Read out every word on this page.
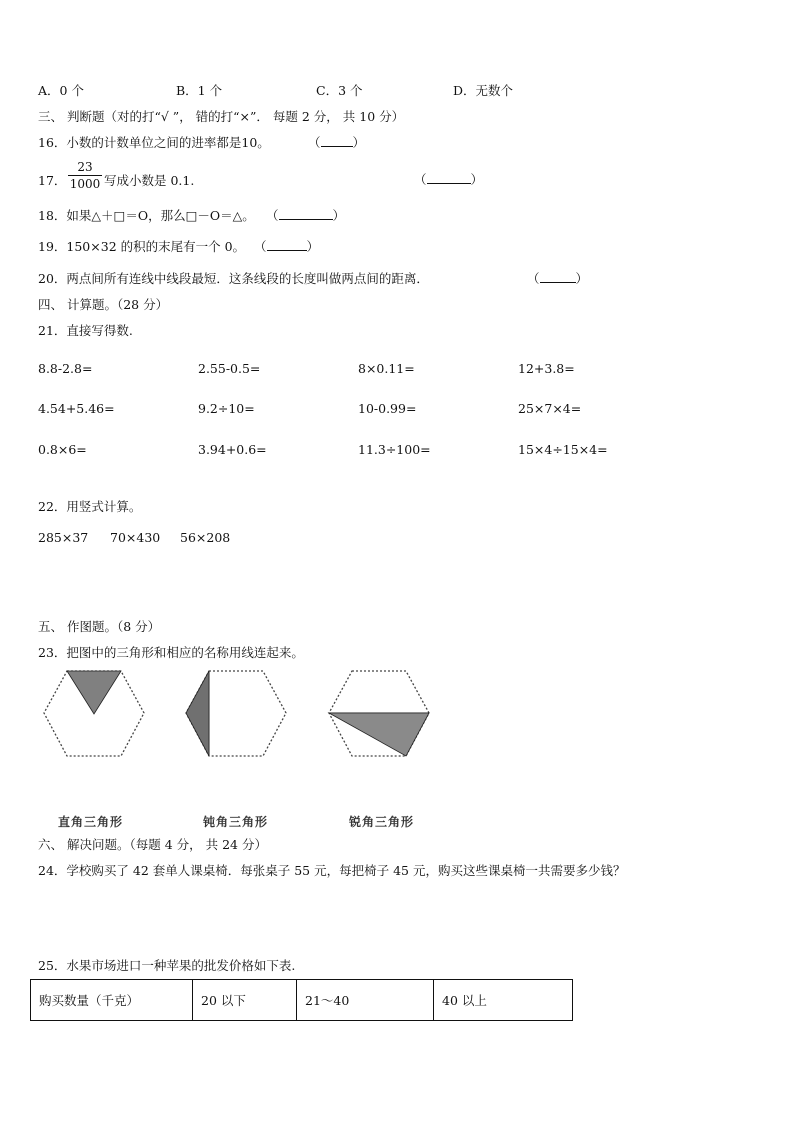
A．0 个	B．1 个	C．3 个	D．无数个
三、 判断题（对的打“√ ”， 错的打“×”． 每题 2 分， 共 10 分）
16．小数的计数单位之间的进率都是10。	（	）
17．
23
1000 写成小数是 0.1.	（	）
18．如果△＋□＝O，那么□－O＝△。 （	）
19．150×32 的积的末尾有一个 0。 （	）
20．两点间所有连线中线段最短．这条线段的长度叫做两点间的距离．	（	）
四、 计算题。（28 分）
21．直接写得数.
8.8-2.8=	2.55-0.5=	8×0.11=	12+3.8=
4.54+5.46=	9.2÷10=	10-0.99=	25×7×4=
0.8×6=	3.94+0.6=	11.3÷100=	15×4÷15×4=
22．用竖式计算。
285×37 70×430 56×208
五、 作图题。（8 分）
23．把图中的三角形和相应的名称用线连起来。
直角三角形	钝角三角形	锐角三角形
六、 解决问题。（每题 4 分， 共 24 分）
24．学校购买了 42 套单人课桌椅．每张桌子 55 元，每把椅子 45 元，购买这些课桌椅一共需要多少钱？
25．水果市场进口一种苹果的批发价格如下表.
购买数量（千克）	20 以下	21～40	40 以上
